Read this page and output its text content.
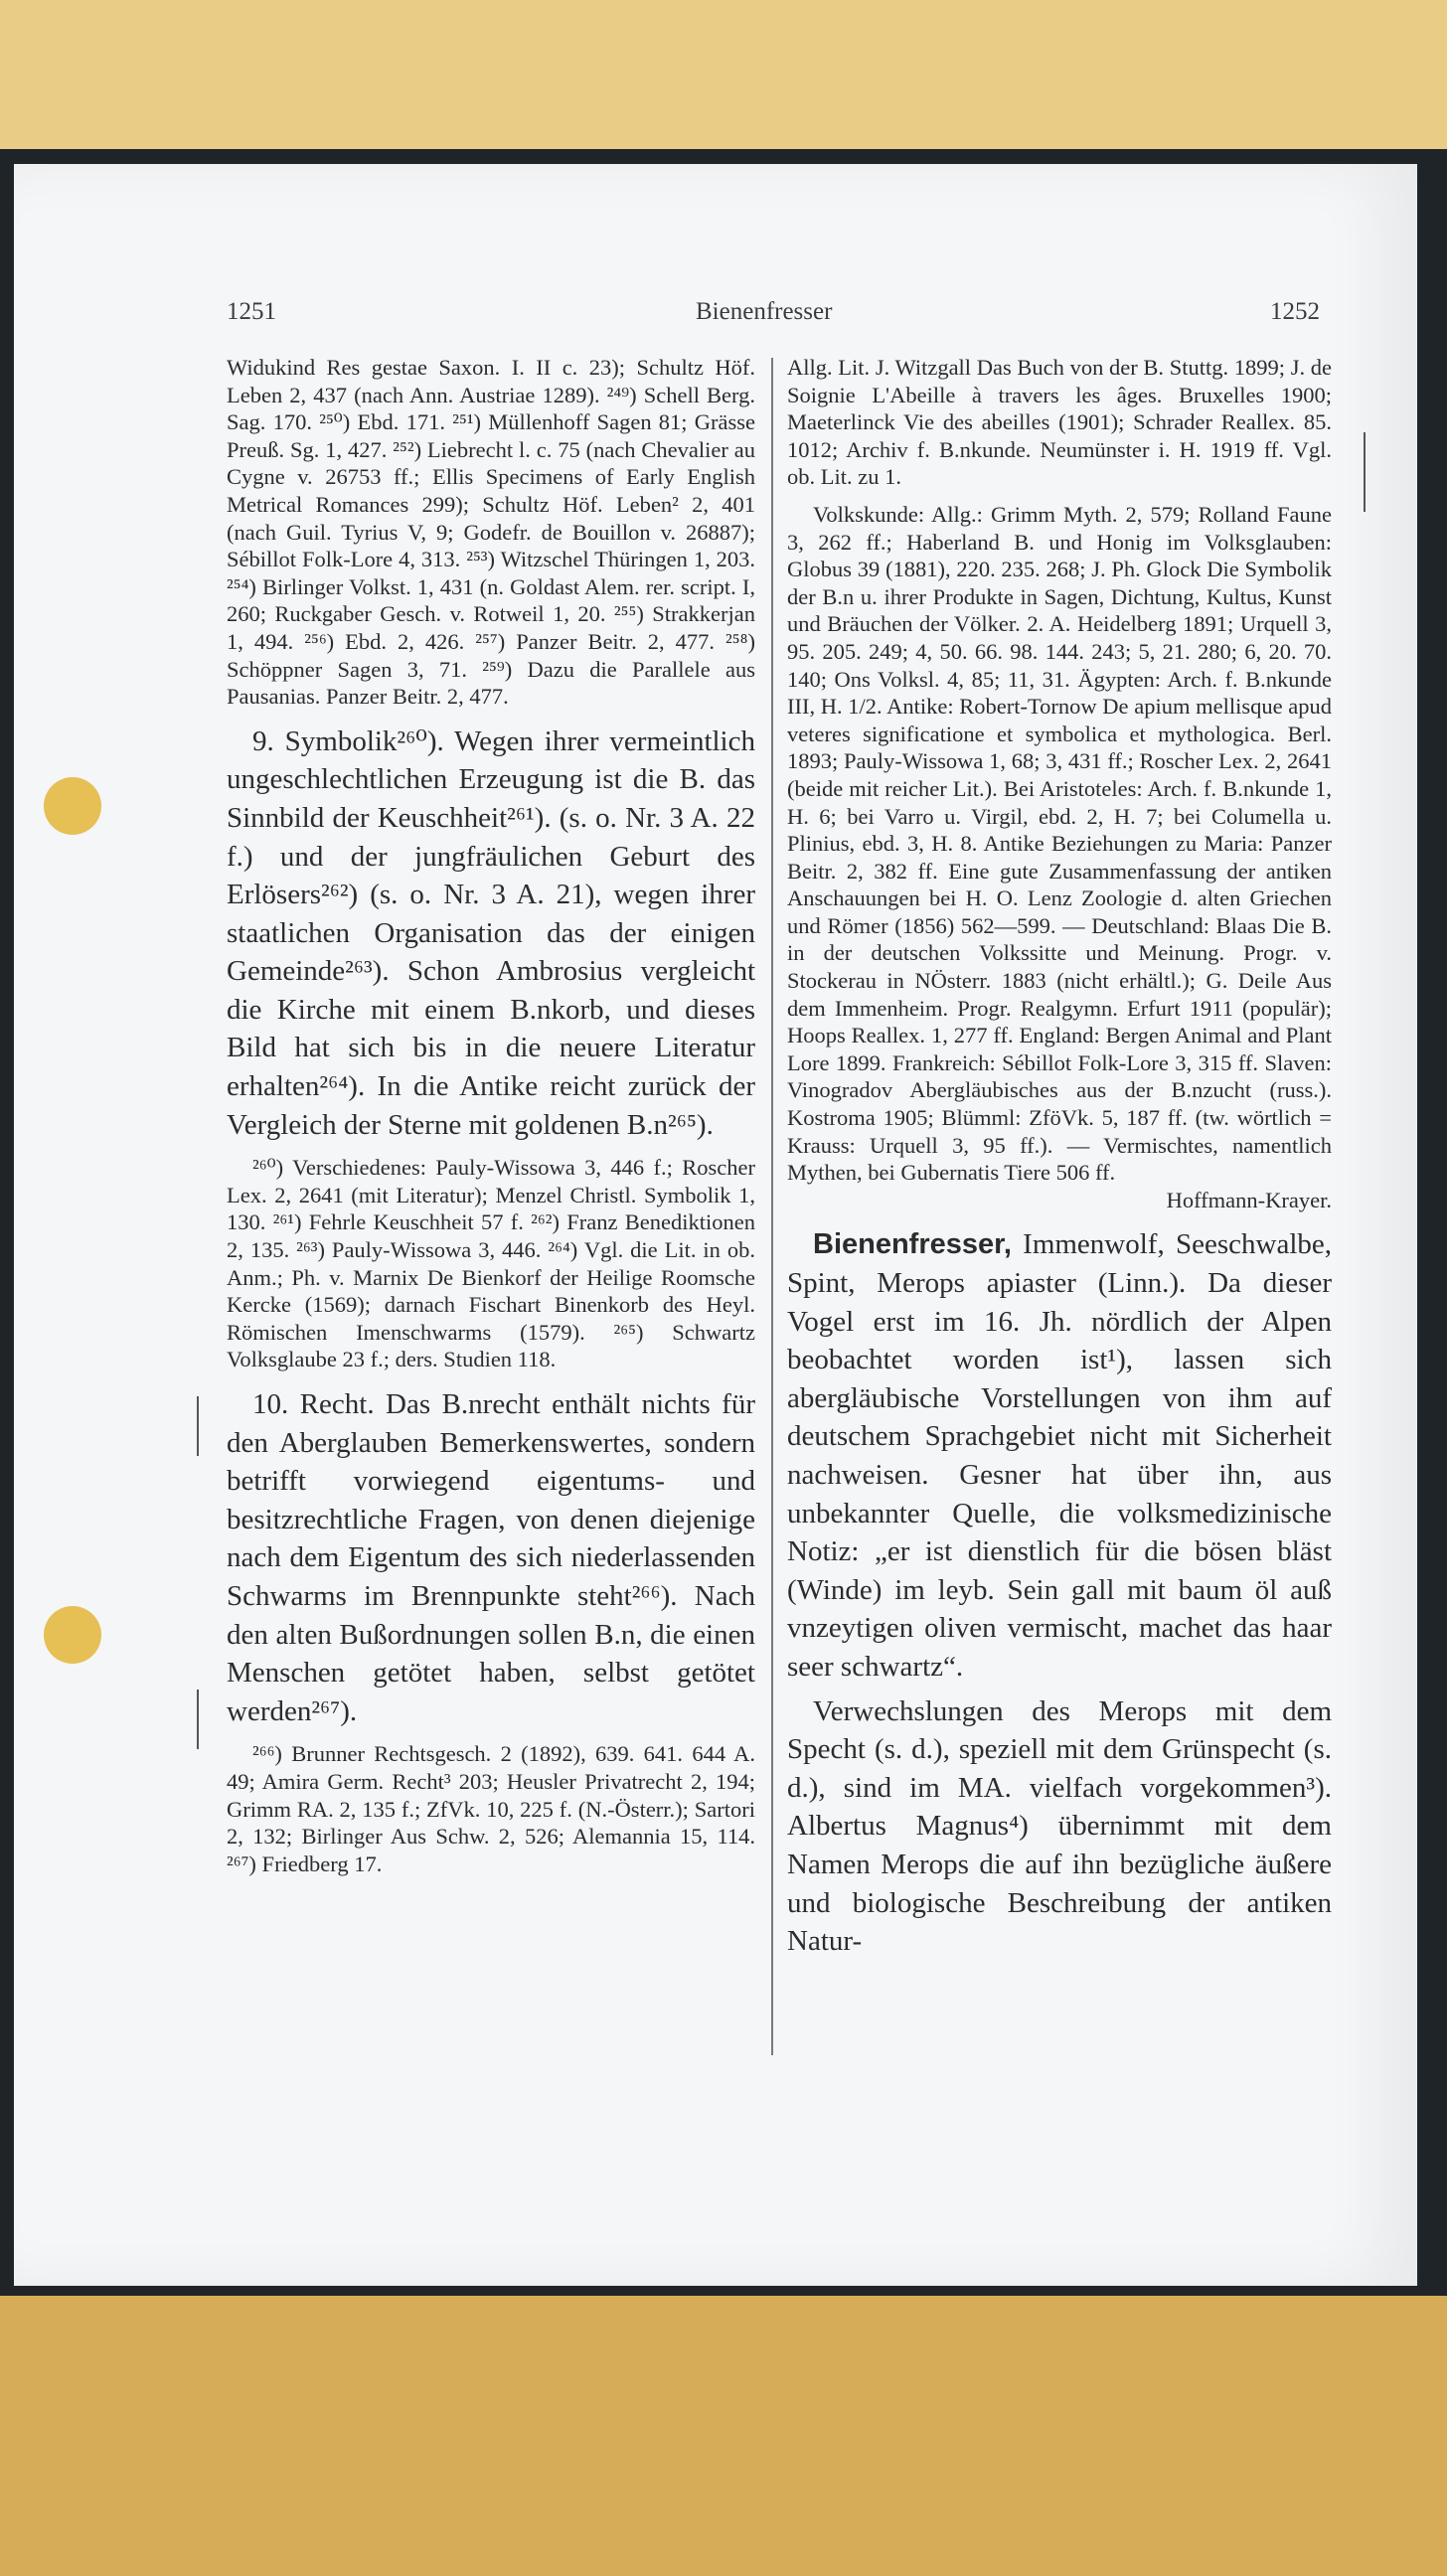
1251	Bienenfresser	1252

Widukind Res gestae Saxon. I. II c. 23); Schultz Höf. Leben 2, 437 (nach Ann. Austriae 1289). ²⁴⁹) Schell Berg. Sag. 170. ²⁵⁰) Ebd. 171. ²⁵¹) Müllenhoff Sagen 81; Grässe Preuß. Sg. 1, 427. ²⁵²) Liebrecht l. c. 75 (nach Chevalier au Cygne v. 26753 ff.; Ellis Specimens of Early English Metrical Romances 299); Schultz Höf. Leben² 2, 401 (nach Guil. Tyrius V, 9; Godefr. de Bouillon v. 26887); Sébillot Folk-Lore 4, 313. ²⁵³) Witzschel Thüringen 1, 203. ²⁵⁴) Birlinger Volkst. 1, 431 (n. Goldast Alem. rer. script. I, 260; Ruckgaber Gesch. v. Rotweil 1, 20. ²⁵⁵) Strakkerjan 1, 494. ²⁵⁶) Ebd. 2, 426. ²⁵⁷) Panzer Beitr. 2, 477. ²⁵⁸) Schöppner Sagen 3, 71. ²⁵⁹) Dazu die Parallele aus Pausanias. Panzer Beitr. 2, 477.

9. Symbolik²⁶⁰). Wegen ihrer vermeintlich ungeschlechtlichen Erzeugung ist die B. das Sinnbild der Keuschheit²⁶¹). (s. o. Nr. 3 A. 22 f.) und der jungfräulichen Geburt des Erlösers²⁶²) (s. o. Nr. 3 A. 21), wegen ihrer staatlichen Organisation das der einigen Gemeinde²⁶³). Schon Ambrosius vergleicht die Kirche mit einem B.nkorb, und dieses Bild hat sich bis in die neuere Literatur erhalten²⁶⁴). In die Antike reicht zurück der Vergleich der Sterne mit goldenen B.n²⁶⁵).

²⁶⁰) Verschiedenes: Pauly-Wissowa 3, 446 f.; Roscher Lex. 2, 2641 (mit Literatur); Menzel Christl. Symbolik 1, 130. ²⁶¹) Fehrle Keuschheit 57 f. ²⁶²) Franz Benediktionen 2, 135. ²⁶³) Pauly-Wissowa 3, 446. ²⁶⁴) Vgl. die Lit. in ob. Anm.; Ph. v. Marnix De Bienkorf der Heilige Roomsche Kercke (1569); darnach Fischart Binenkorb des Heyl. Römischen Imenschwarms (1579). ²⁶⁵) Schwartz Volksglaube 23 f.; ders. Studien 118.

10. Recht. Das B.nrecht enthält nichts für den Aberglauben Bemerkenswertes, sondern betrifft vorwiegend eigentums- und besitzrechtliche Fragen, von denen diejenige nach dem Eigentum des sich niederlassenden Schwarms im Brennpunkte steht²⁶⁶). Nach den alten Bußordnungen sollen B.n, die einen Menschen getötet haben, selbst getötet werden²⁶⁷).

²⁶⁶) Brunner Rechtsgesch. 2 (1892), 639. 641. 644 A. 49; Amira Germ. Recht³ 203; Heusler Privatrecht 2, 194; Grimm RA. 2, 135 f.; ZfVk. 10, 225 f. (N.-Österr.); Sartori 2, 132; Birlinger Aus Schw. 2, 526; Alemannia 15, 114. ²⁶⁷) Friedberg 17.

Allg. Lit. J. Witzgall Das Buch von der B. Stuttg. 1899; J. de Soignie L'Abeille à travers les âges. Bruxelles 1900; Maeterlinck Vie des abeilles (1901); Schrader Reallex. 85. 1012; Archiv f. B.nkunde. Neumünster i. H. 1919 ff. Vgl. ob. Lit. zu 1.

Volkskunde: Allg.: Grimm Myth. 2, 579; Rolland Faune 3, 262 ff.; Haberland B. und Honig im Volksglauben: Globus 39 (1881), 220. 235. 268; J. Ph. Glock Die Symbolik der B.n u. ihrer Produkte in Sagen, Dichtung, Kultus, Kunst und Bräuchen der Völker. 2. A. Heidelberg 1891; Urquell 3, 95. 205. 249; 4, 50. 66. 98. 144. 243; 5, 21. 280; 6, 20. 70. 140; Ons Volksl. 4, 85; 11, 31. Ägypten: Arch. f. B.nkunde III, H. 1/2. Antike: Robert-Tornow De apium mellisque apud veteres significatione et symbolica et mythologica. Berl. 1893; Pauly-Wissowa 1, 68; 3, 431 ff.; Roscher Lex. 2, 2641 (beide mit reicher Lit.). Bei Aristoteles: Arch. f. B.nkunde 1, H. 6; bei Varro u. Virgil, ebd. 2, H. 7; bei Columella u. Plinius, ebd. 3, H. 8. Antike Beziehungen zu Maria: Panzer Beitr. 2, 382 ff. Eine gute Zusammenfassung der antiken Anschauungen bei H. O. Lenz Zoologie d. alten Griechen und Römer (1856) 562—599. — Deutschland: Blaas Die B. in der deutschen Volkssitte und Meinung. Progr. v. Stockerau in NÖsterr. 1883 (nicht erhältl.); G. Deile Aus dem Immenheim. Progr. Realgymn. Erfurt 1911 (populär); Hoops Reallex. 1, 277 ff. England: Bergen Animal and Plant Lore 1899. Frankreich: Sébillot Folk-Lore 3, 315 ff. Slaven: Vinogradov Abergläubisches aus der B.nzucht (russ.). Kostroma 1905; Blümml: ZföVk. 5, 187 ff. (tw. wörtlich = Krauss: Urquell 3, 95 ff.). — Vermischtes, namentlich Mythen, bei Gubernatis Tiere 506 ff.

Hoffmann-Krayer.

Bienenfresser, Immenwolf, Seeschwalbe, Spint, Merops apiaster (Linn.). Da dieser Vogel erst im 16. Jh. nördlich der Alpen beobachtet worden ist¹), lassen sich abergläubische Vorstellungen von ihm auf deutschem Sprachgebiet nicht mit Sicherheit nachweisen. Gesner hat über ihn, aus unbekannter Quelle, die volksmedizinische Notiz: „er ist dienstlich für die bösen bläst (Winde) im leyb. Sein gall mit baum öl auß vnzeytigen oliven vermischt, machet das haar seer schwartz“.

Verwechslungen des Merops mit dem Specht (s. d.), speziell mit dem Grünspecht (s. d.), sind im MA. vielfach vorgekommen³). Albertus Magnus⁴) übernimmt mit dem Namen Merops die auf ihn bezügliche äußere und biologische Beschreibung der antiken Natur-
